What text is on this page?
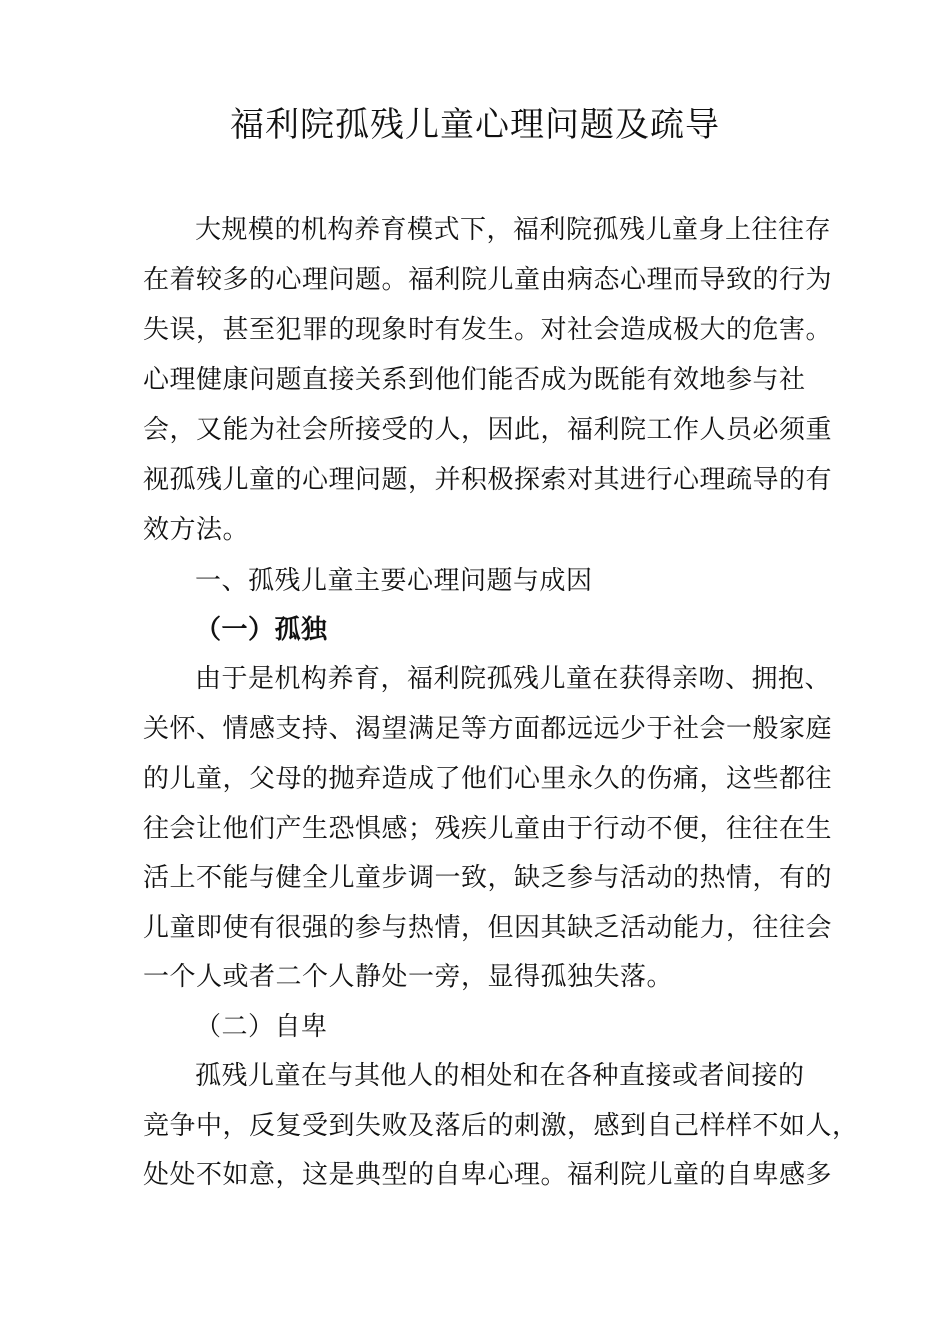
福利院孤残儿童心理问题及疏导

大规模的机构养育模式下，福利院孤残儿童身上往往存

在着较多的心理问题。福利院儿童由病态心理而导致的行为

失误，甚至犯罪的现象时有发生。对社会造成极大的危害。

心理健康问题直接关系到他们能否成为既能有效地参与社

会，又能为社会所接受的人，因此，福利院工作人员必须重

视孤残儿童的心理问题，并积极探索对其进行心理疏导的有

效方法。

一、孤残儿童主要心理问题与成因

（一）孤独

由于是机构养育，福利院孤残儿童在获得亲吻、拥抱、

关怀、情感支持、渴望满足等方面都远远少于社会一般家庭

的儿童，父母的抛弃造成了他们心里永久的伤痛，这些都往

往会让他们产生恐惧感；残疾儿童由于行动不便，往往在生

活上不能与健全儿童步调一致，缺乏参与活动的热情，有的

儿童即使有很强的参与热情，但因其缺乏活动能力，往往会

一个人或者二个人静处一旁，显得孤独失落。

（二）自卑

孤残儿童在与其他人的相处和在各种直接或者间接的

竞争中，反复受到失败及落后的刺激，感到自己样样不如人，

处处不如意，这是典型的自卑心理。福利院儿童的自卑感多
